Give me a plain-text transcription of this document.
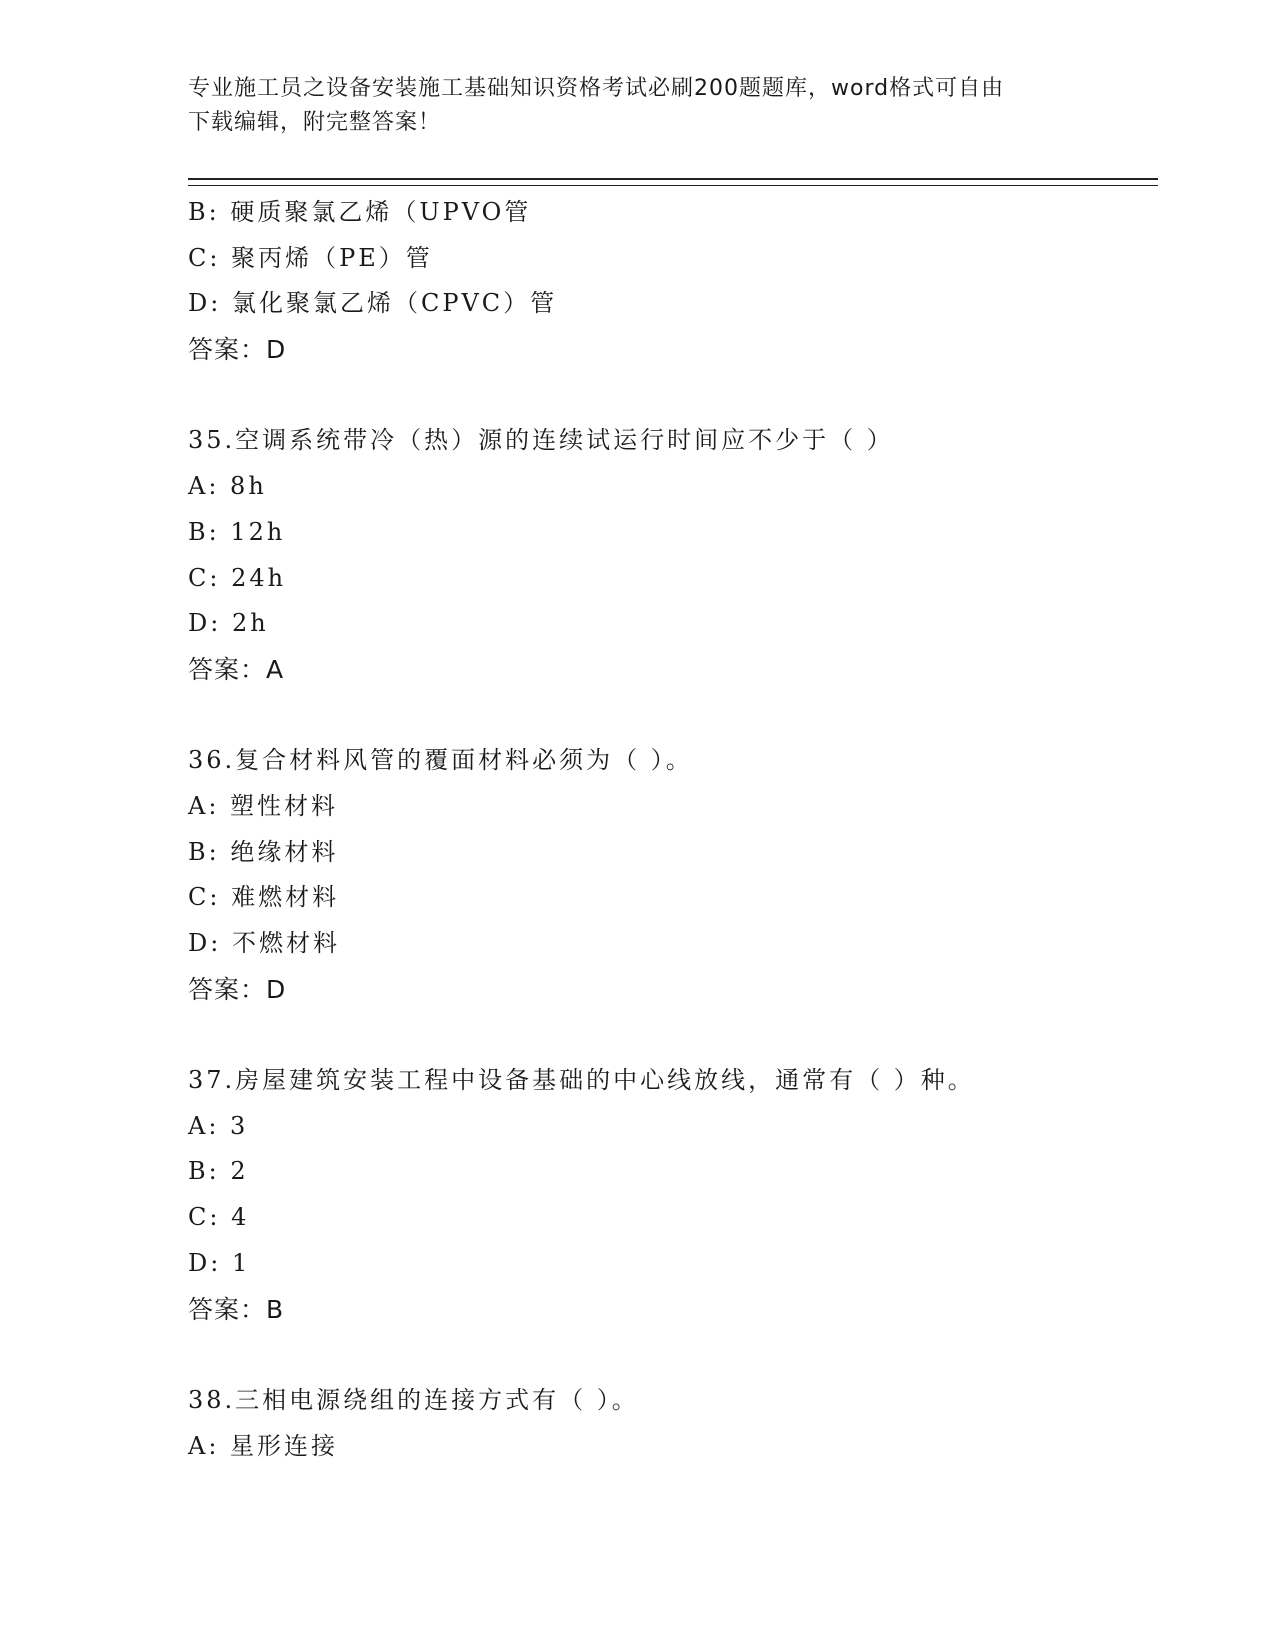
专业施工员之设备安装施工基础知识资格考试必刷200题题库，word格式可自由
下载编辑，附完整答案！
B: 硬质聚氯乙烯（UPVO管
C: 聚丙烯（PE）管
D: 氯化聚氯乙烯（CPVC）管
答案：D
35.空调系统带冷（热）源的连续试运行时间应不少于（ ）
A: 8h
B: 12h
C: 24h
D: 2h
答案：A
36.复合材料风管的覆面材料必须为（ ）。
A: 塑性材料
B: 绝缘材料
C: 难燃材料
D: 不燃材料
答案：D
37.房屋建筑安装工程中设备基础的中心线放线，通常有（ ）种。
A: 3
B: 2
C: 4
D: 1
答案：B
38.三相电源绕组的连接方式有（ ）。
A: 星形连接
